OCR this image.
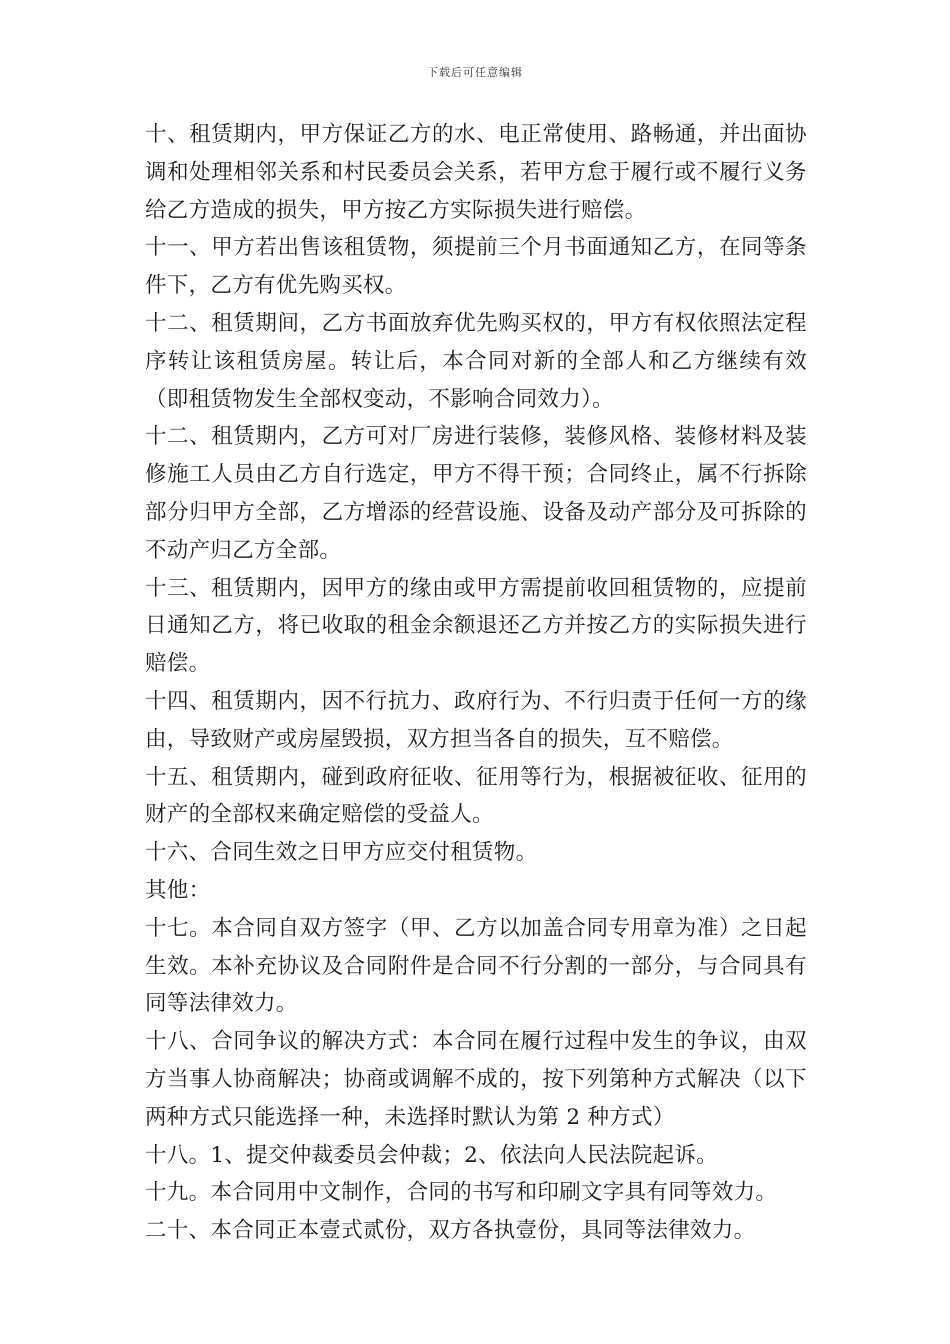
下载后可任意编辑

十、租赁期内，甲方保证乙方的水、电正常使用、路畅通，并出面协调和处理相邻关系和村民委员会关系，若甲方怠于履行或不履行义务给乙方造成的损失，甲方按乙方实际损失进行赔偿。

十一、甲方若出售该租赁物，须提前三个月书面通知乙方，在同等条件下，乙方有优先购买权。

十二、租赁期间，乙方书面放弃优先购买权的，甲方有权依照法定程序转让该租赁房屋。转让后，本合同对新的全部人和乙方继续有效（即租赁物发生全部权变动，不影响合同效力）。

十二、租赁期内，乙方可对厂房进行装修，装修风格、装修材料及装修施工人员由乙方自行选定，甲方不得干预；合同终止，属不行拆除部分归甲方全部，乙方增添的经营设施、设备及动产部分及可拆除的不动产归乙方全部。

十三、租赁期内，因甲方的缘由或甲方需提前收回租赁物的，应提前日通知乙方，将已收取的租金余额退还乙方并按乙方的实际损失进行赔偿。

十四、租赁期内，因不行抗力、政府行为、不行归责于任何一方的缘由，导致财产或房屋毁损，双方担当各自的损失，互不赔偿。

十五、租赁期内，碰到政府征收、征用等行为，根据被征收、征用的财产的全部权来确定赔偿的受益人。

十六、合同生效之日甲方应交付租赁物。

其他：

十七。本合同自双方签字（甲、乙方以加盖合同专用章为准）之日起生效。本补充协议及合同附件是合同不行分割的一部分，与合同具有同等法律效力。

十八、合同争议的解决方式：本合同在履行过程中发生的争议，由双方当事人协商解决；协商或调解不成的，按下列第种方式解决（以下两种方式只能选择一种，未选择时默认为第 2 种方式）

十八。1、提交仲裁委员会仲裁；2、依法向人民法院起诉。

十九。本合同用中文制作，合同的书写和印刷文字具有同等效力。

二十、本合同正本壹式贰份，双方各执壹份，具同等法律效力。
